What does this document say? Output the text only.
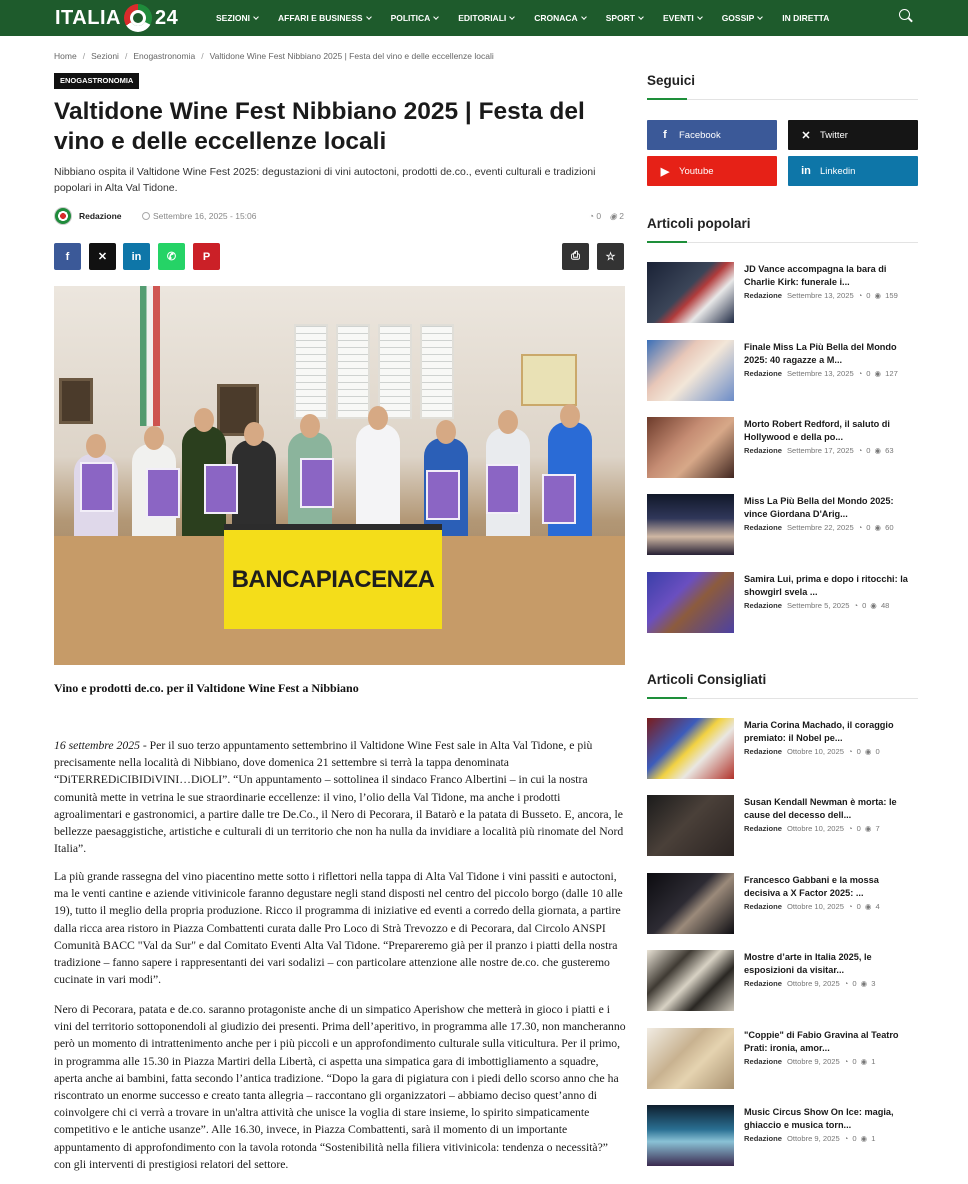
ITALIA 24	SEZIONI	AFFARI E BUSINESS	POLITICA	EDITORIALI	CRONACA	SPORT	EVENTI	GOSSIP	IN DIRETTA
Home / Sezioni / Enogastronomia / Valtidone Wine Fest Nibbiano 2025 | Festa del vino e delle eccellenze locali
ENOGASTRONOMIA
Valtidone Wine Fest Nibbiano 2025 | Festa del vino e delle eccellenze locali

Nibbiano ospita il Valtidone Wine Fest 2025: degustazioni di vini autoctoni, prodotti de.co., eventi culturali e tradizioni popolari in Alta Val Tidone.

Redazione	Settembre 16, 2025 - 15:06	◔ 0 ◉ 2
f	✕ in ✆ P	⎙ ☆
BANCAPIACENZA
Vino e prodotti de.co. per il Valtidone Wine Fest a Nibbiano

16 settembre 2025 - Per il suo terzo appuntamento settembrino il Valtidone Wine Fest sale in Alta Val Tidone, e più precisamente nella località di Nibbiano, dove domenica 21 settembre si terrà la tappa denominata “DiTERREDiCIBIDiVINI…DiOLI”. “Un appuntamento – sottolinea il sindaco Franco Albertini – in cui la nostra comunità mette in vetrina le sue straordinarie eccellenze: il vino, l’olio della Val Tidone, ma anche i prodotti agroalimentari e gastronomici, a partire dalle tre De.Co., il Nero di Pecorara, il Batarò e la patata di Busseto. E, ancora, le bellezze paesaggistiche, artistiche e culturali di un territorio che non ha nulla da invidiare a località più rinomate del Nord Italia”.

La più grande rassegna del vino piacentino mette sotto i riflettori nella tappa di Alta Val Tidone i vini passiti e autoctoni, ma le venti cantine e aziende vitivinicole faranno degustare negli stand disposti nel centro del piccolo borgo (dalle 10 alle 19), tutto il meglio della propria produzione. Ricco il programma di iniziative ed eventi a corredo della giornata, a partire dalla ricca area ristoro in Piazza Combattenti curata dalle Pro Loco di Strà Trevozzo e di Pecorara, dal Circolo ANSPI Comunità BACC "Val da Sur" e dal Comitato Eventi Alta Val Tidone. “Prepareremo già per il pranzo i piatti della nostra tradizione – fanno sapere i rappresentanti dei vari sodalizi – con particolare attenzione alle nostre de.co. che gusteremo cucinate in vari modi”.

Nero di Pecorara, patata e de.co. saranno protagoniste anche di un simpatico Aperishow che metterà in gioco i piatti e i vini del territorio sottoponendoli al giudizio dei presenti. Prima dell’aperitivo, in programma alle 17.30, non mancheranno però un momento di intrattenimento anche per i più piccoli e un approfondimento culturale sulla viticultura. Per il primo, in programma alle 15.30 in Piazza Martiri della Libertà, ci aspetta una simpatica gara di imbottigliamento a squadre, aperta anche ai bambini, fatta secondo l’antica tradizione. “Dopo la gara di pigiatura con i piedi dello scorso anno che ha riscontrato un enorme successo e creato tanta allegria – raccontano gli organizzatori – abbiamo deciso quest’anno di coinvolgere chi ci verrà a trovare in un'altra attività che unisce la voglia di stare insieme, lo spirito simpaticamente competitivo e le antiche usanze”. Alle 16.30, invece, in Piazza Combattenti, sarà il momento di un importante appuntamento di approfondimento con la tavola rotonda “Sostenibilità nella filiera vitivinicola: tendenza o necessità?” con gli interventi di prestigiosi relatori del settore.

Seguici
f	Facebook	✕ Twitter
▶	Youtube	in Linkedin
Articoli popolari
JD Vance accompagna la bara di Charlie Kirk: funerale i...
Redazione Settembre 13, 2025 ◔ 0 ◉ 159
Finale Miss La Più Bella del Mondo 2025: 40 ragazze a M...
Redazione Settembre 13, 2025 ◔ 0 ◉ 127
Morto Robert Redford, il saluto di Hollywood e della po...
Redazione Settembre 17, 2025 ◔ 0 ◉ 63
Miss La Più Bella del Mondo 2025: vince Giordana D'Arig...
Redazione Settembre 22, 2025 ◔ 0 ◉ 60
Samira Lui, prima e dopo i ritocchi: la showgirl svela ...
Redazione Settembre 5, 2025 ◔ 0 ◉ 48
Articoli Consigliati
Maria Corina Machado, il coraggio premiato: il Nobel pe...
Redazione Ottobre 10, 2025 ◔ 0 ◉ 0
Susan Kendall Newman è morta: le cause del decesso dell...
Redazione Ottobre 10, 2025 ◔ 0 ◉ 7
Francesco Gabbani e la mossa decisiva a X Factor 2025: ...
Redazione Ottobre 10, 2025 ◔ 0 ◉ 4
Mostre d’arte in Italia 2025, le esposizioni da visitar...
Redazione Ottobre 9, 2025 ◔ 0 ◉ 3
"Coppie" di Fabio Gravina al Teatro Prati: ironia, amor...
Redazione Ottobre 9, 2025 ◔ 0 ◉ 1
Music Circus Show On Ice: magia, ghiaccio e musica torn...
Redazione Ottobre 9, 2025 ◔ 0 ◉ 1
